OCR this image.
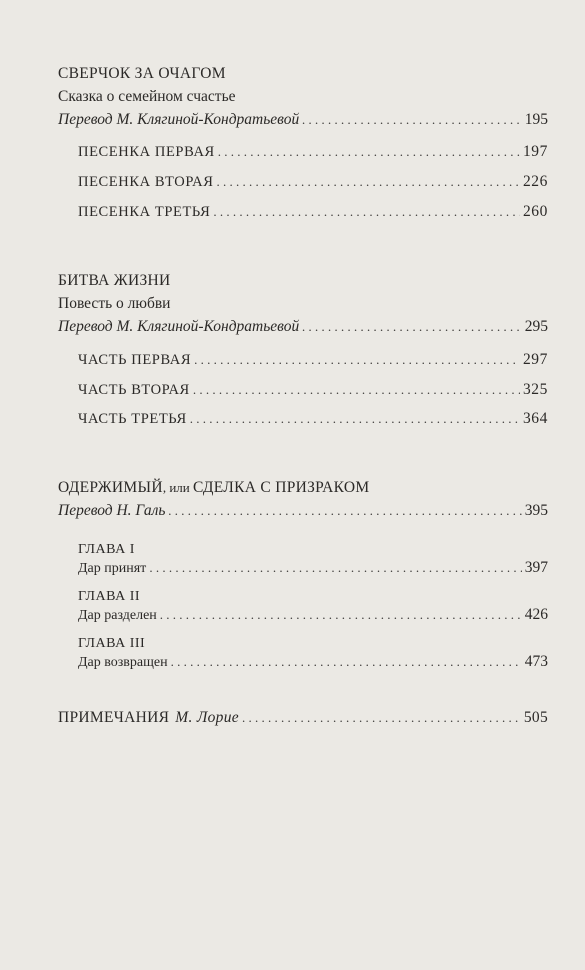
СВЕРЧОК ЗА ОЧАГОМ
Сказка о семейном счастье
Перевод М. Клягиной-Кондратьевой . . .	195
ПЕСЕНКА ПЕРВАЯ . . .	197
ПЕСЕНКА ВТОРАЯ . . .	226
ПЕСЕНКА ТРЕТЬЯ . . .	260
БИТВА ЖИЗНИ
Повесть о любви
Перевод М. Клягиной-Кондратьевой . . .	295
ЧАСТЬ ПЕРВАЯ . . .	297
ЧАСТЬ ВТОРАЯ . . .	325
ЧАСТЬ ТРЕТЬЯ . . .	364
ОДЕРЖИМЫЙ , или СДЕЛКА С ПРИЗРАКОМ
Перевод Н. Галь . . .	395
ГЛАВА I
Дар принят . . .	397
ГЛАВА II
Дар разделен . . .	426
ГЛАВА III
Дар возвращен . . .	473
ПРИМЕЧАНИЯ М. Лорие . . .	505
